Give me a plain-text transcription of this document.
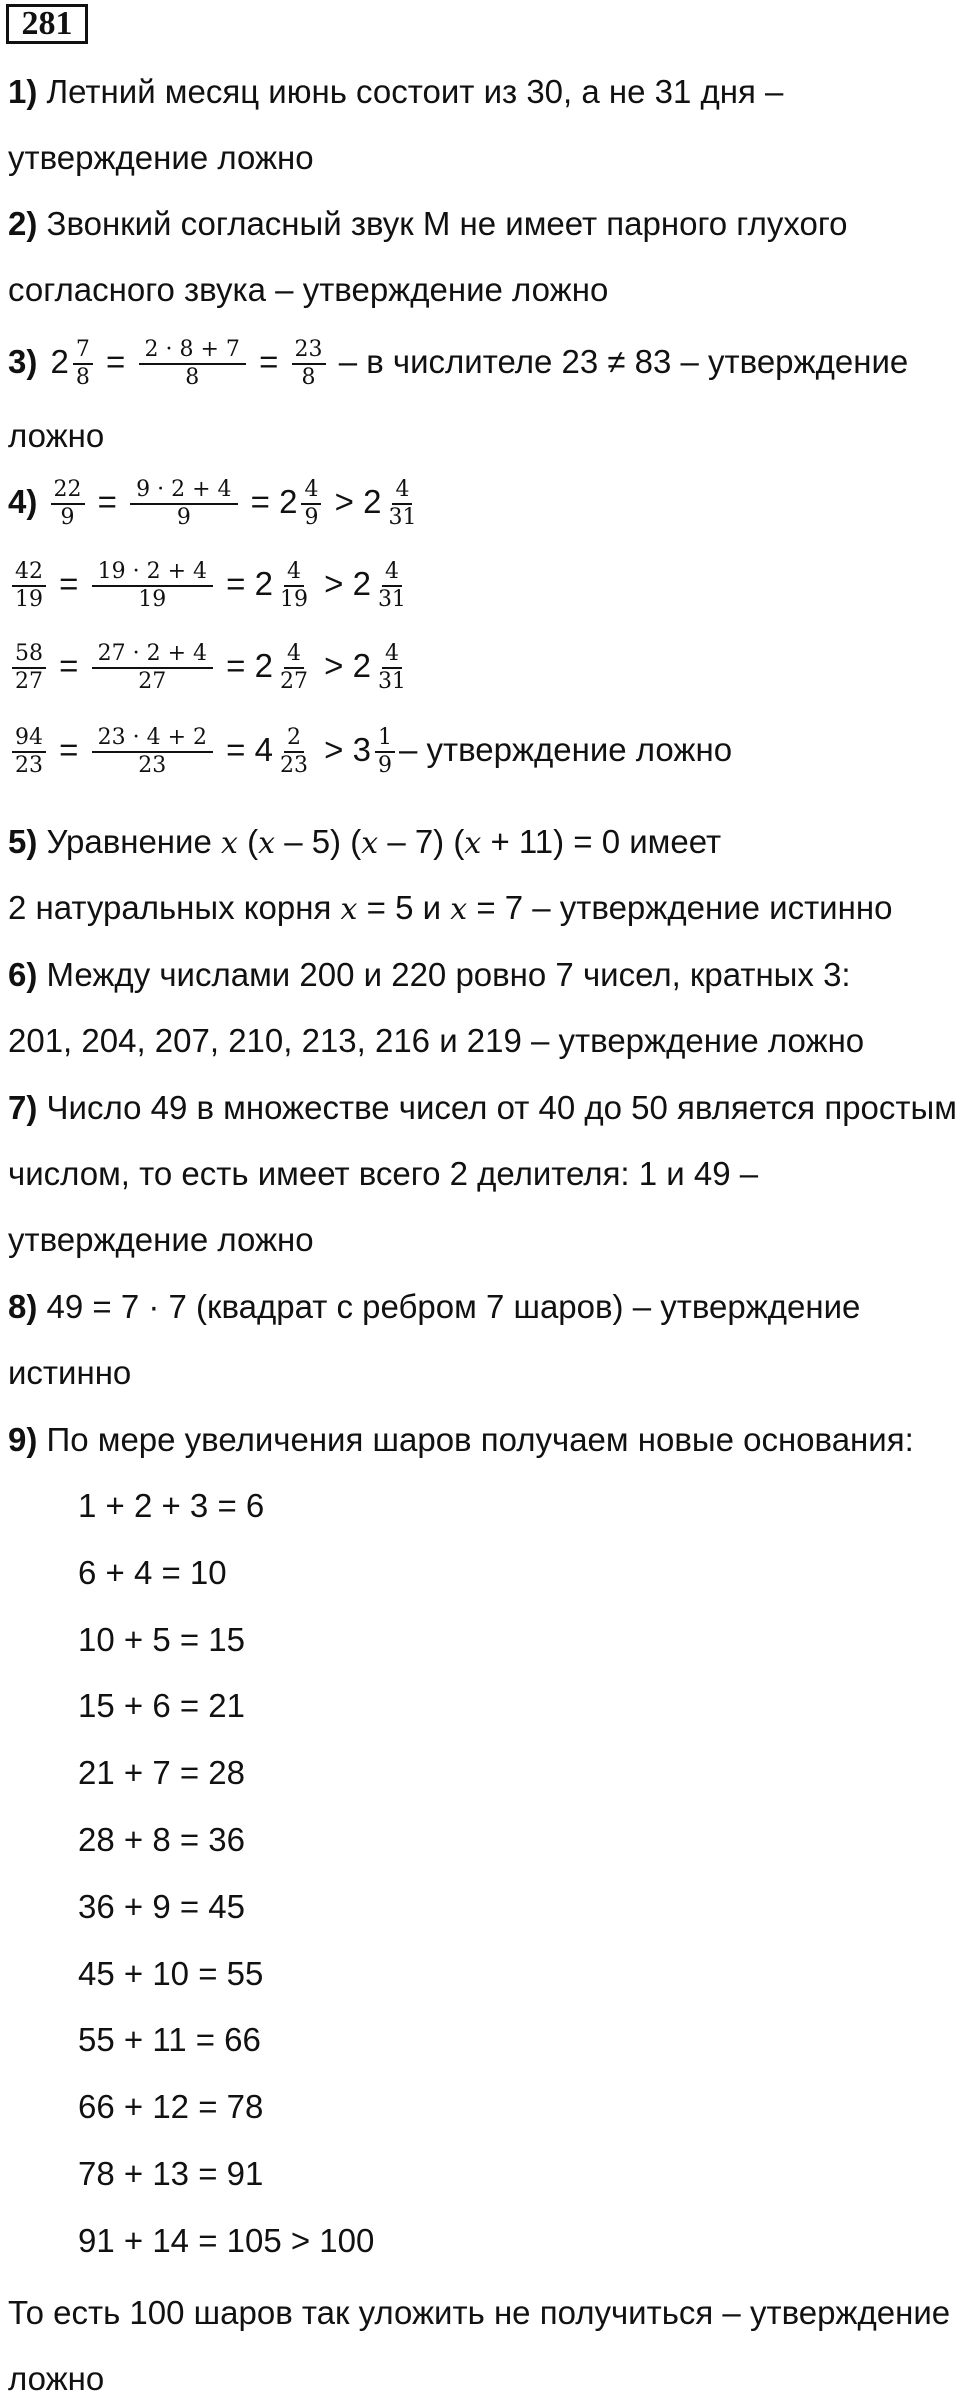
281
1) Летний месяц июнь состоит из 30, а не 31 дня –
утверждение ложно
2) Звонкий согласный звук М не имеет парного глухого
согласного звука – утверждение ложно
3) $2 \frac{7}{8} = \frac{2 \cdot 8 + 7}{8} = \frac{23}{8} - в$ числителе 23 ≠ 83 – утверждение
ложно
$4) \frac{22}{9} = \frac{9 \cdot 2 + 4}{9} = 2 \frac{4}{9} > 2 \frac{4}{31}$
$\frac{42}{19} = \frac{19 \cdot 2 + 4}{19} = 2 \frac{4}{19} > 2 \frac{4}{31}$
$\frac{58}{27} = \frac{27 \cdot 2 + 4}{27} = 2 \frac{4}{27} > 2 \frac{4}{31}$
$\frac{94}{23} = \frac{23 \cdot 4 + 2}{23} = 4 \frac{2}{23} > 3 \frac{1}{9}$ – утверждение ложно
5) Уравнение x (x – 5) (x – 7) (x + 11) = 0 имеет
2 натуральных корня x = 5 и x = 7 – утверждение истинно
6) Между числами 200 и 220 ровно 7 чисел, кратных 3:
201, 204, 207, 210, 213, 216 и 219 – утверждение ложно
7) Число 49 в множестве чисел от 40 до 50 является простым
числом, то есть имеет всего 2 делителя: 1 и 49 –
утверждение ложно
8) 49 = 7 · 7 (квадрат с ребром 7 шаров) – утверждение
истинно
9) По мере увеличения шаров получаем новые основания:
1 + 2 + 3 = 6
6 + 4 = 10
10 + 5 = 15
15 + 6 = 21
21 + 7 = 28
28 + 8 = 36
36 + 9 = 45
45 + 10 = 55
55 + 11 = 66
66 + 12 = 78
78 + 13 = 91
91 + 14 = 105 > 100
То есть 100 шаров так уложить не получиться – утверждение
ложно
